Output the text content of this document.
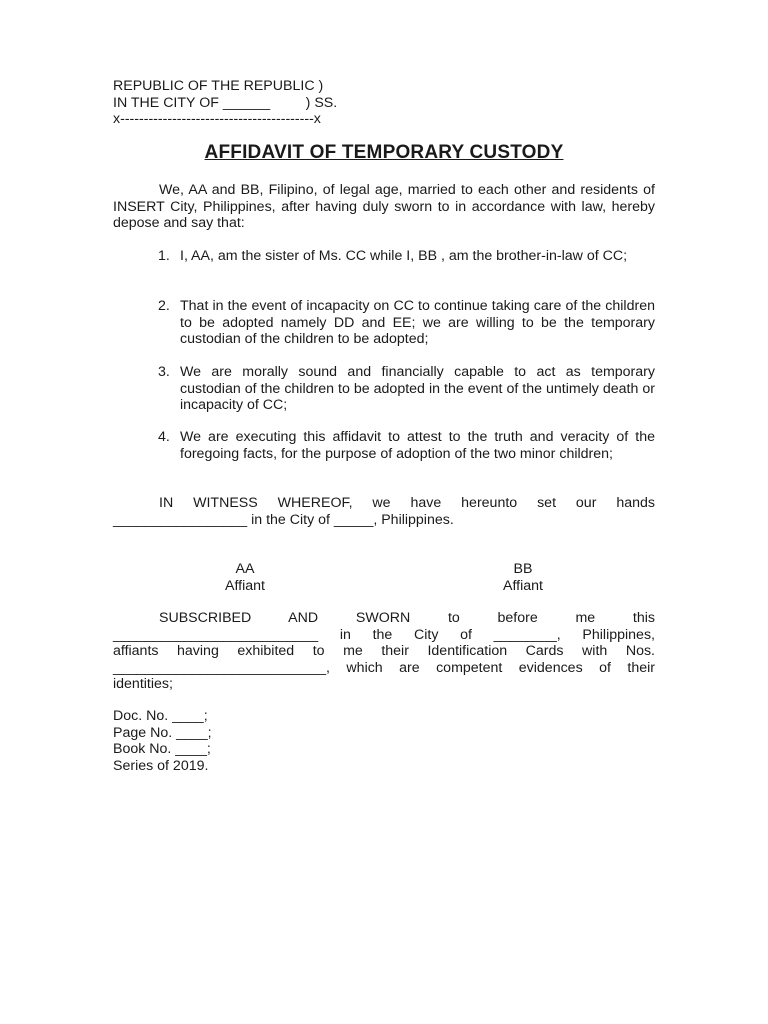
REPUBLIC OF THE REPUBLIC )
IN THE CITY OF ______         ) SS.
x-----------------------------------------x
AFFIDAVIT OF TEMPORARY CUSTODY
We, AA and BB, Filipino, of legal age, married to each other and residents of INSERT City, Philippines, after having duly sworn to in accordance with law, hereby depose and say that:
1. I, AA, am the sister of Ms. CC while I, BB , am the brother-in-law of CC;
2. That in the event of incapacity on CC to continue taking care of the children to be adopted namely DD and EE; we are willing to be the temporary custodian of the children to be adopted;
3. We are morally sound and financially capable to act as temporary custodian of the children to be adopted in the event of the untimely death or incapacity of CC;
4. We are executing this affidavit to attest to the truth and veracity of the foregoing facts, for the purpose of adoption of the two minor children;
IN WITNESS WHEREOF, we have hereunto set our hands
_________________ in the City of _____, Philippines.
AA
Affiant
BB
Affiant
SUBSCRIBED AND SWORN to before me this
__________________________ in the City of ________, Philippines,
affiants having exhibited to me their Identification Cards with Nos.
___________________________, which are competent evidences of their
identities;
Doc. No. ____;
Page No. ____;
Book No. ____;
Series of 2019.
